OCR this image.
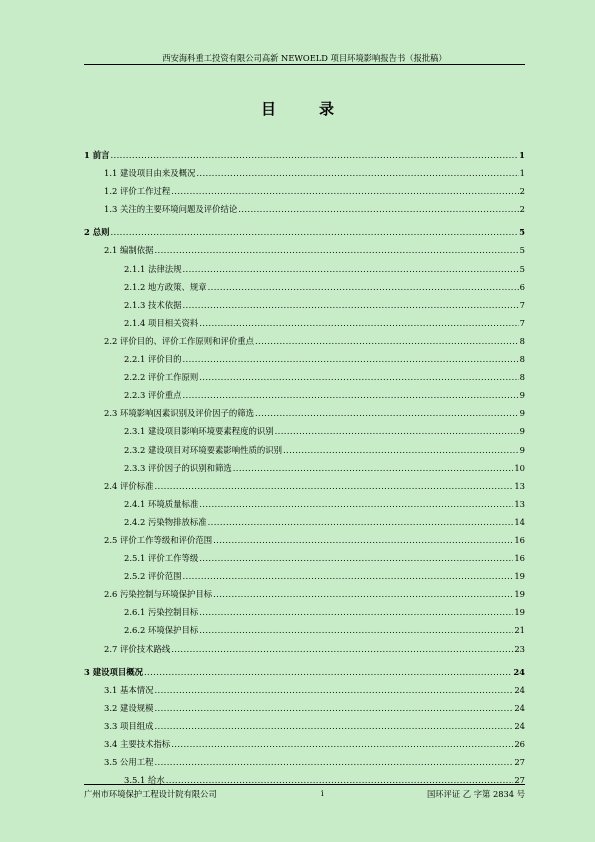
西安海科重工投资有限公司高新 NEWOELD 项目环境影响报告书（报批稿）
目　录
1 前言 .....	1
1.1 建设项目由来及概况 .....	1
1.2 评价工作过程 .....	2
1.3 关注的主要环境问题及评价结论 .....	2
2 总则 .....	5
2.1 编制依据 .....	5
2.1.1 法律法规 .....	5
2.1.2 地方政策、规章 .....	6
2.1.3 技术依据 .....	7
2.1.4 项目相关资料 .....	7
2.2 评价目的、评价工作原则和评价重点 .....	8
2.2.1 评价目的 .....	8
2.2.2 评价工作原则 .....	8
2.2.3 评价重点 .....	9
2.3 环境影响因素识别及评价因子的筛选 .....	9
2.3.1 建设项目影响环境要素程度的识别 .....	9
2.3.2 建设项目对环境要素影响性质的识别 .....	9
2.3.3 评价因子的识别和筛选 .....	10
2.4 评价标准 .....	13
2.4.1 环境质量标准 .....	13
2.4.2 污染物排放标准 .....	14
2.5 评价工作等级和评价范围 .....	16
2.5.1 评价工作等级 .....	16
2.5.2 评价范围 .....	19
2.6 污染控制与环境保护目标 .....	19
2.6.1 污染控制目标 .....	19
2.6.2 环境保护目标 .....	21
2.7 评价技术路线 .....	23
3 建设项目概况 .....	24
3.1 基本情况 .....	24
3.2 建设规模 .....	24
3.3 项目组成 .....	24
3.4 主要技术指标 .....	26
3.5 公用工程 .....	27
3.5.1 给水 .....	27
广州市环境保护工程设计院有限公司	i	国环评证 乙 字第 2834 号
